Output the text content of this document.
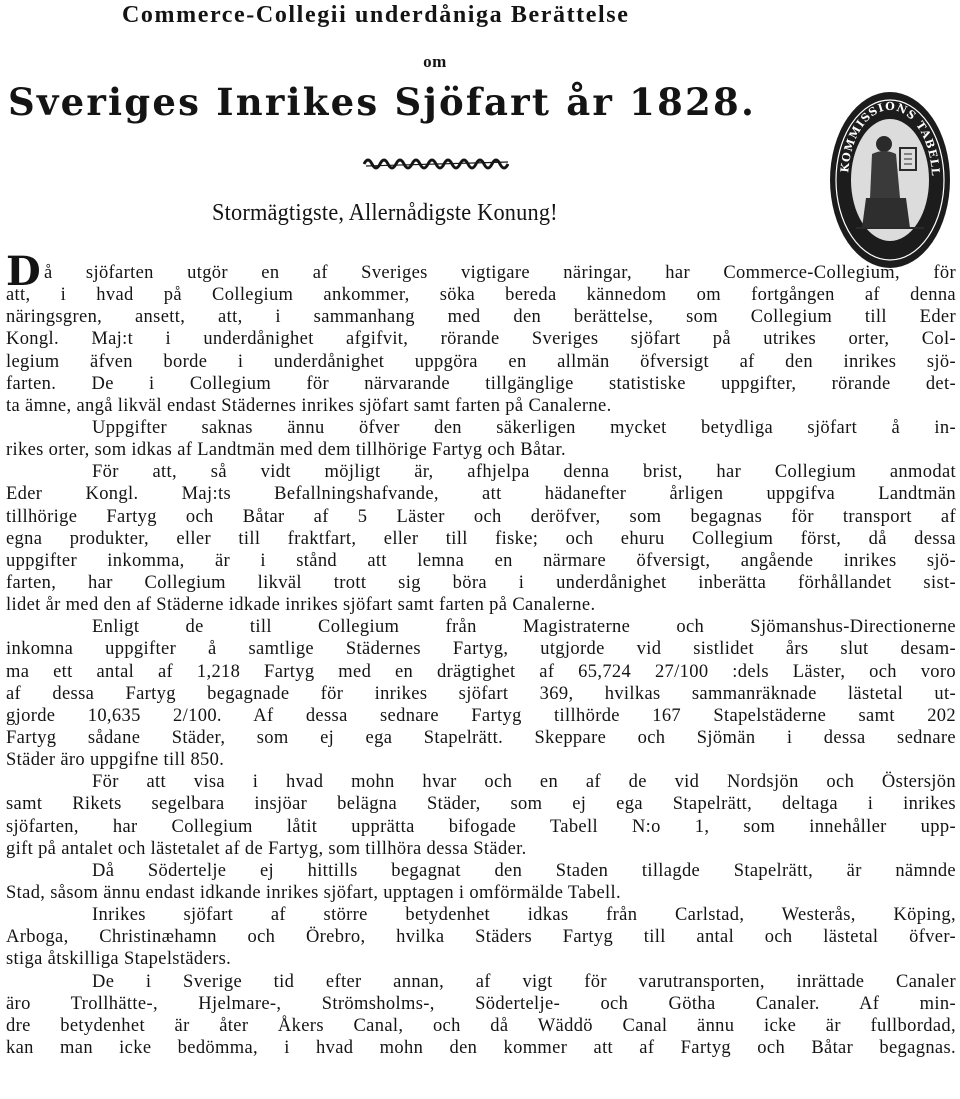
Commerce-Collegii underdåniga Berättelse
om
Sveriges Inrikes Sjöfart år 1828.
Stormägtigste, Allernådigste Konung!
KOMMISSIONS TABELL
D å sjöfarten utgör en af Sveriges vigtigare näringar, har Commerce-Collegium, för
att, i hvad på Collegium ankommer, söka bereda kännedom om fortgången af denna
näringsgren, ansett, att, i sammanhang med den berättelse, som Collegium till Eder
Kongl. Maj:t i underdånighet afgifvit, rörande Sveriges sjöfart på utrikes orter, Col-
legium äfven borde i underdånighet uppgöra en allmän öfversigt af den inrikes sjö-
farten. De i Collegium för närvarande tillgänglige statistiske uppgifter, rörande det-
ta ämne, angå likväl endast Städernes inrikes sjöfart samt farten på Canalerne.
Uppgifter saknas ännu öfver den säkerligen mycket betydliga sjöfart å in-
rikes orter, som idkas af Landtmän med dem tillhörige Fartyg och Båtar.
För att, så vidt möjligt är, afhjelpa denna brist, har Collegium anmodat
Eder Kongl. Maj:ts Befallningshafvande, att hädanefter årligen uppgifva Landtmän
tillhörige Fartyg och Båtar af 5 Läster och deröfver, som begagnas för transport af
egna produkter, eller till fraktfart, eller till fiske; och ehuru Collegium först, då dessa
uppgifter inkomma, är i stånd att lemna en närmare öfversigt, angående inrikes sjö-
farten, har Collegium likväl trott sig böra i underdånighet inberätta förhållandet sist-
lidet år med den af Städerne idkade inrikes sjöfart samt farten på Canalerne.
Enligt de till Collegium från Magistraterne och Sjömanshus-Directionerne
inkomna uppgifter å samtlige Städernes Fartyg, utgjorde vid sistlidet års slut desam-
ma ett antal af 1,218 Fartyg med en drägtighet af 65,724 27/100 :dels Läster, och voro
af dessa Fartyg begagnade för inrikes sjöfart 369, hvilkas sammanräknade lästetal ut-
gjorde 10,635 2/100. Af dessa sednare Fartyg tillhörde 167 Stapelstäderne samt 202
Fartyg sådane Städer, som ej ega Stapelrätt. Skeppare och Sjömän i dessa sednare
Städer äro uppgifne till 850.
För att visa i hvad mohn hvar och en af de vid Nordsjön och Östersjön
samt Rikets segelbara insjöar belägna Städer, som ej ega Stapelrätt, deltaga i inrikes
sjöfarten, har Collegium låtit upprätta bifogade Tabell N:o 1, som innehåller upp-
gift på antalet och lästetalet af de Fartyg, som tillhöra dessa Städer.
Då Södertelje ej hittills begagnat den Staden tillagde Stapelrätt, är nämnde
Stad, såsom ännu endast idkande inrikes sjöfart, upptagen i omförmälde Tabell.
Inrikes sjöfart af större betydenhet idkas från Carlstad, Westerås, Köping,
Arboga, Christinæhamn och Örebro, hvilka Städers Fartyg till antal och lästetal öfver-
stiga åtskilliga Stapelstäders.
De i Sverige tid efter annan, af vigt för varutransporten, inrättade Canaler
äro Trollhätte-, Hjelmare-, Strömsholms-, Södertelje- och Götha Canaler. Af min-
dre betydenhet är åter Åkers Canal, och då Wäddö Canal ännu icke är fullbordad,
kan man icke bedömma, i hvad mohn den kommer att af Fartyg och Båtar begagnas.
